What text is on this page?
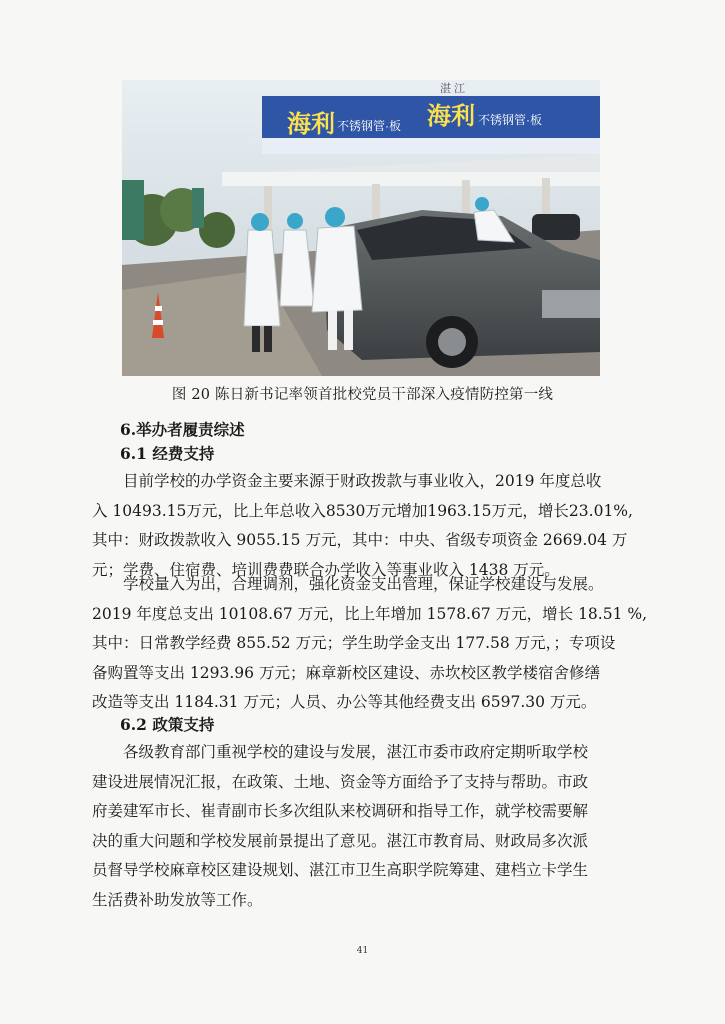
海利 不锈钢管·板 海利 不锈钢管·板
湛 江
图 20 陈日新书记率领首批校党员干部深入疫情防控第一线
6.举办者履责综述
6.1 经费支持
目前学校的办学资金主要来源于财政拨款与事业收入，2019 年度总收
入 10493.15万元，比上年总收入8530万元增加1963.15万元，增长23.01%,
其中：财政拨款收入 9055.15 万元，其中：中央、省级专项资金 2669.04 万
元；学费、住宿费、培训费费联合办学收入等事业收入 1438 万元。
学校量入为出，合理调剂，强化资金支出管理，保证学校建设与发展。
2019 年度总支出 10108.67 万元，比上年增加 1578.67 万元，增长 18.51 %,
其中：日常教学经费 855.52 万元；学生助学金支出 177.58 万元，；专项设
备购置等支出 1293.96 万元；麻章新校区建设、赤坎校区教学楼宿舍修缮
改造等支出 1184.31 万元；人员、办公等其他经费支出 6597.30 万元。
6.2 政策支持
各级教育部门重视学校的建设与发展，湛江市委市政府定期听取学校
建设进展情况汇报，在政策、土地、资金等方面给予了支持与帮助。市政
府姜建军市长、崔青副市长多次组队来校调研和指导工作，就学校需要解
决的重大问题和学校发展前景提出了意见。湛江市教育局、财政局多次派
员督导学校麻章校区建设规划、湛江市卫生高职学院筹建、建档立卡学生
生活费补助发放等工作。
41
